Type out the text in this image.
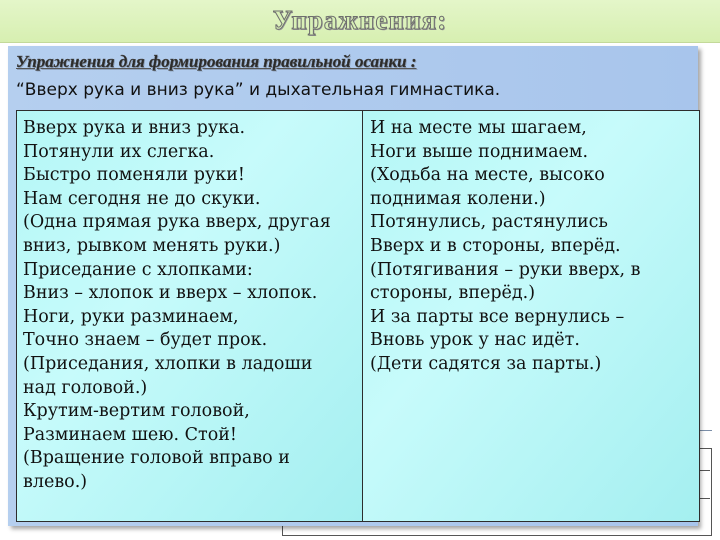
Упражнения:
Упражнения для формирования правильной осанки :
“Вверх рука и вниз рука” и дыхательная гимнастика.
Вверх рука и вниз рука.
Потянули их слегка.
Быстро поменяли руки!
Нам сегодня не до скуки.
(Одна прямая рука вверх, другая
вниз, рывком менять руки.)
Приседание с хлопками:
Вниз – хлопок и вверх – хлопок.
Ноги, руки разминаем,
Точно знаем – будет прок.
(Приседания, хлопки в ладоши
над головой.)
Крутим-вертим головой,
Разминаем шею. Стой!
(Вращение головой вправо и
влево.)
И на месте мы шагаем,
Ноги выше поднимаем.
(Ходьба на месте, высоко
поднимая колени.)
Потянулись, растянулись
Вверх и в стороны, вперёд.
(Потягивания – руки вверх, в
стороны, вперёд.)
И за парты все вернулись –
Вновь урок у нас идёт.
(Дети садятся за парты.)
